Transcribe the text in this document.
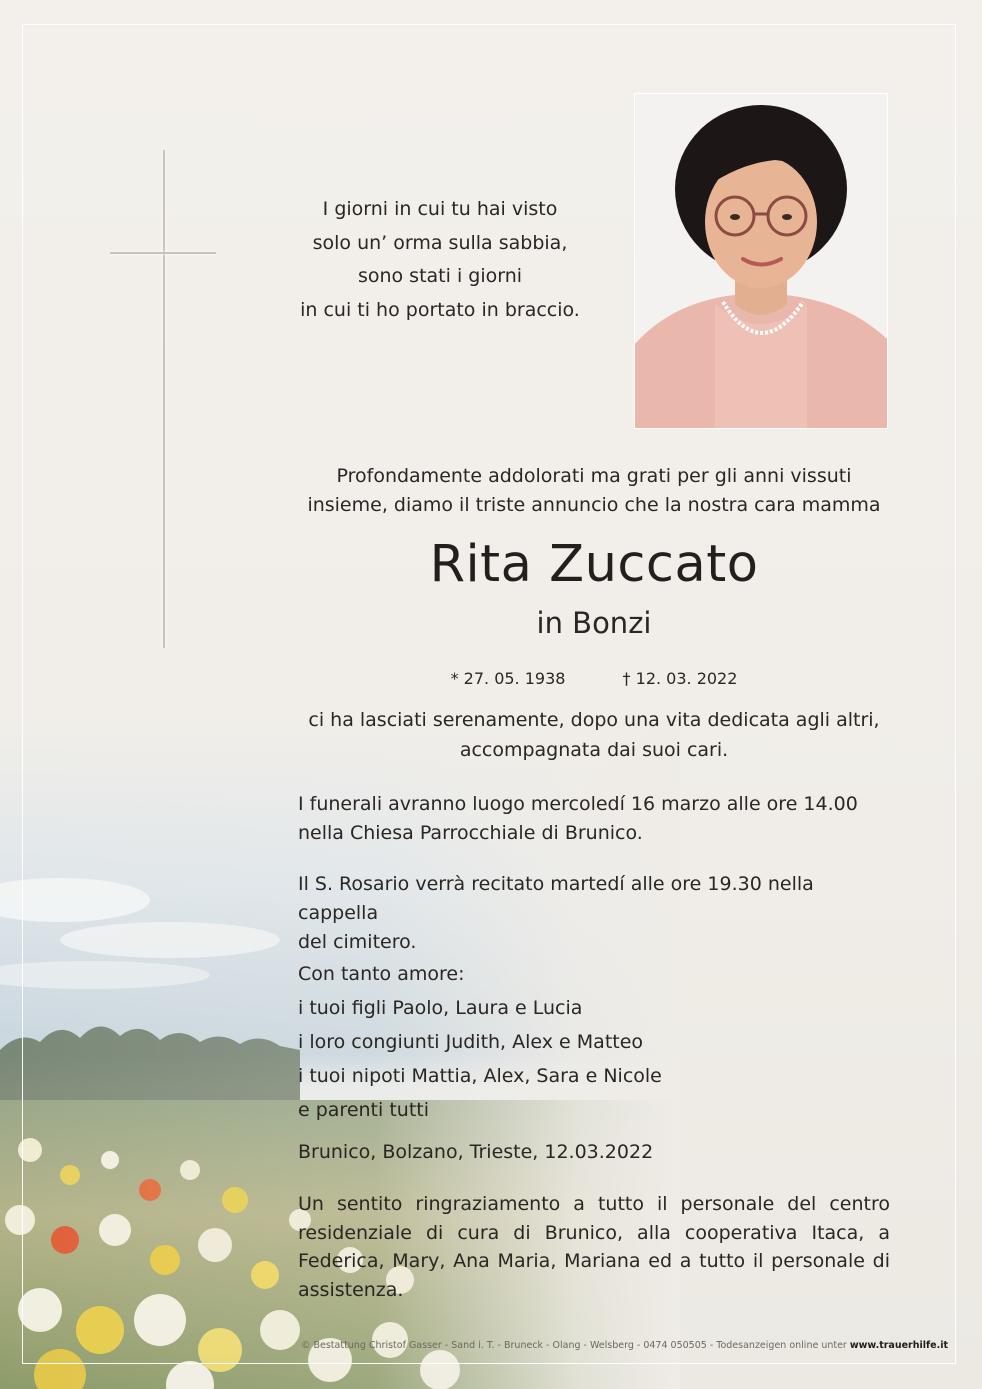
I giorni in cui tu hai visto
solo un’ orma sulla sabbia,
sono stati i giorni
in cui ti ho portato in braccio.
Profondamente addolorati ma grati per gli anni vissuti
insieme, diamo il triste annuncio che la nostra cara mamma
Rita Zuccato
in Bonzi
* 27. 05. 1938	† 12. 03. 2022
ci ha lasciati serenamente, dopo una vita dedicata agli altri,
accompagnata dai suoi cari.
I funerali avranno luogo mercoledí 16 marzo alle ore 14.00
nella Chiesa Parrocchiale di Brunico.
Il S. Rosario verrà recitato martedí alle ore 19.30 nella cappella
del cimitero.
Con tanto amore:
i tuoi figli Paolo, Laura e Lucia
i loro congiunti Judith, Alex e Matteo
i tuoi nipoti Mattia, Alex, Sara e Nicole
e parenti tutti
Brunico, Bolzano, Trieste, 12.03.2022
Un sentito ringraziamento a tutto il personale del centro residenziale di cura di Brunico, alla cooperativa Itaca, a Federica, Mary, Ana Maria, Mariana ed a tutto il personale di assistenza.
© Bestattung Christof Gasser - Sand i. T. - Bruneck - Olang - Welsberg - 0474 050505 - Todesanzeigen online unter www.trauerhilfe.it
